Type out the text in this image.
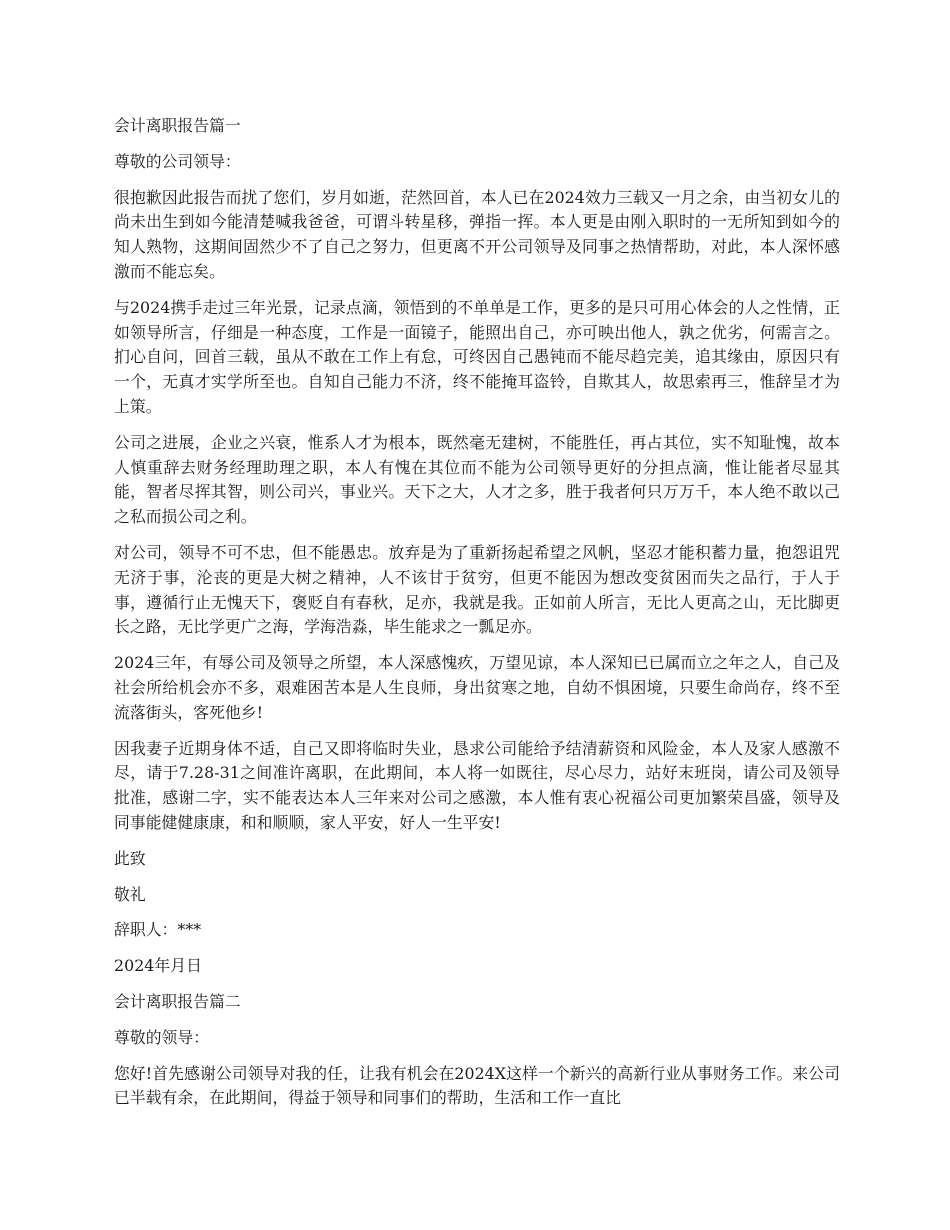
会计离职报告篇一

尊敬的公司领导：

很抱歉因此报告而扰了您们，岁月如逝，茫然回首，本人已在2024效力三载又一月之余，由当初女儿的尚未出生到如今能清楚喊我爸爸，可谓斗转星移，弹指一挥。本人更是由刚入职时的一无所知到如今的知人熟物，这期间固然少不了自己之努力，但更离不开公司领导及同事之热情帮助，对此，本人深怀感激而不能忘矣。

与2024携手走过三年光景，记录点滴，领悟到的不单单是工作，更多的是只可用心体会的人之性情，正如领导所言，仔细是一种态度，工作是一面镜子，能照出自己，亦可映出他人，孰之优劣，何需言之。扪心自问，回首三载，虽从不敢在工作上有怠，可终因自己愚钝而不能尽趋完美，追其缘由，原因只有一个，无真才实学所至也。自知自己能力不济，终不能掩耳盗铃，自欺其人，故思索再三，惟辞呈才为上策。

公司之进展，企业之兴衰，惟系人才为根本，既然毫无建树，不能胜任，再占其位，实不知耻愧，故本人慎重辞去财务经理助理之职，本人有愧在其位而不能为公司领导更好的分担点滴，惟让能者尽显其能，智者尽挥其智，则公司兴，事业兴。天下之大，人才之多，胜于我者何只万万千，本人绝不敢以己之私而损公司之利。

对公司，领导不可不忠，但不能愚忠。放弃是为了重新扬起希望之风帆，坚忍才能积蓄力量，抱怨诅咒无济于事，沦丧的更是大树之精神，人不该甘于贫穷，但更不能因为想改变贫困而失之品行，于人于事，遵循行止无愧天下，褒贬自有春秋，足亦，我就是我。正如前人所言，无比人更高之山，无比脚更长之路，无比学更广之海，学海浩淼，毕生能求之一瓢足亦。

2024三年，有辱公司及领导之所望，本人深感愧疚，万望见谅，本人深知已已属而立之年之人，自己及社会所给机会亦不多，艰难困苦本是人生良师，身出贫寒之地，自幼不惧困境，只要生命尚存，终不至流落街头，客死他乡!

因我妻子近期身体不适，自己又即将临时失业，恳求公司能给予结清薪资和风险金，本人及家人感激不尽，请于7.28-31之间准许离职，在此期间，本人将一如既往，尽心尽力，站好末班岗，请公司及领导批准，感谢二字，实不能表达本人三年来对公司之感激，本人惟有衷心祝福公司更加繁荣昌盛，领导及同事能健健康康，和和顺顺，家人平安，好人一生平安!

此致

敬礼

辞职人：***

2024年月日

会计离职报告篇二

尊敬的领导：

您好!首先感谢公司领导对我的任，让我有机会在2024X这样一个新兴的高新行业从事财务工作。来公司已半载有余，在此期间，得益于领导和同事们的帮助，生活和工作一直比
